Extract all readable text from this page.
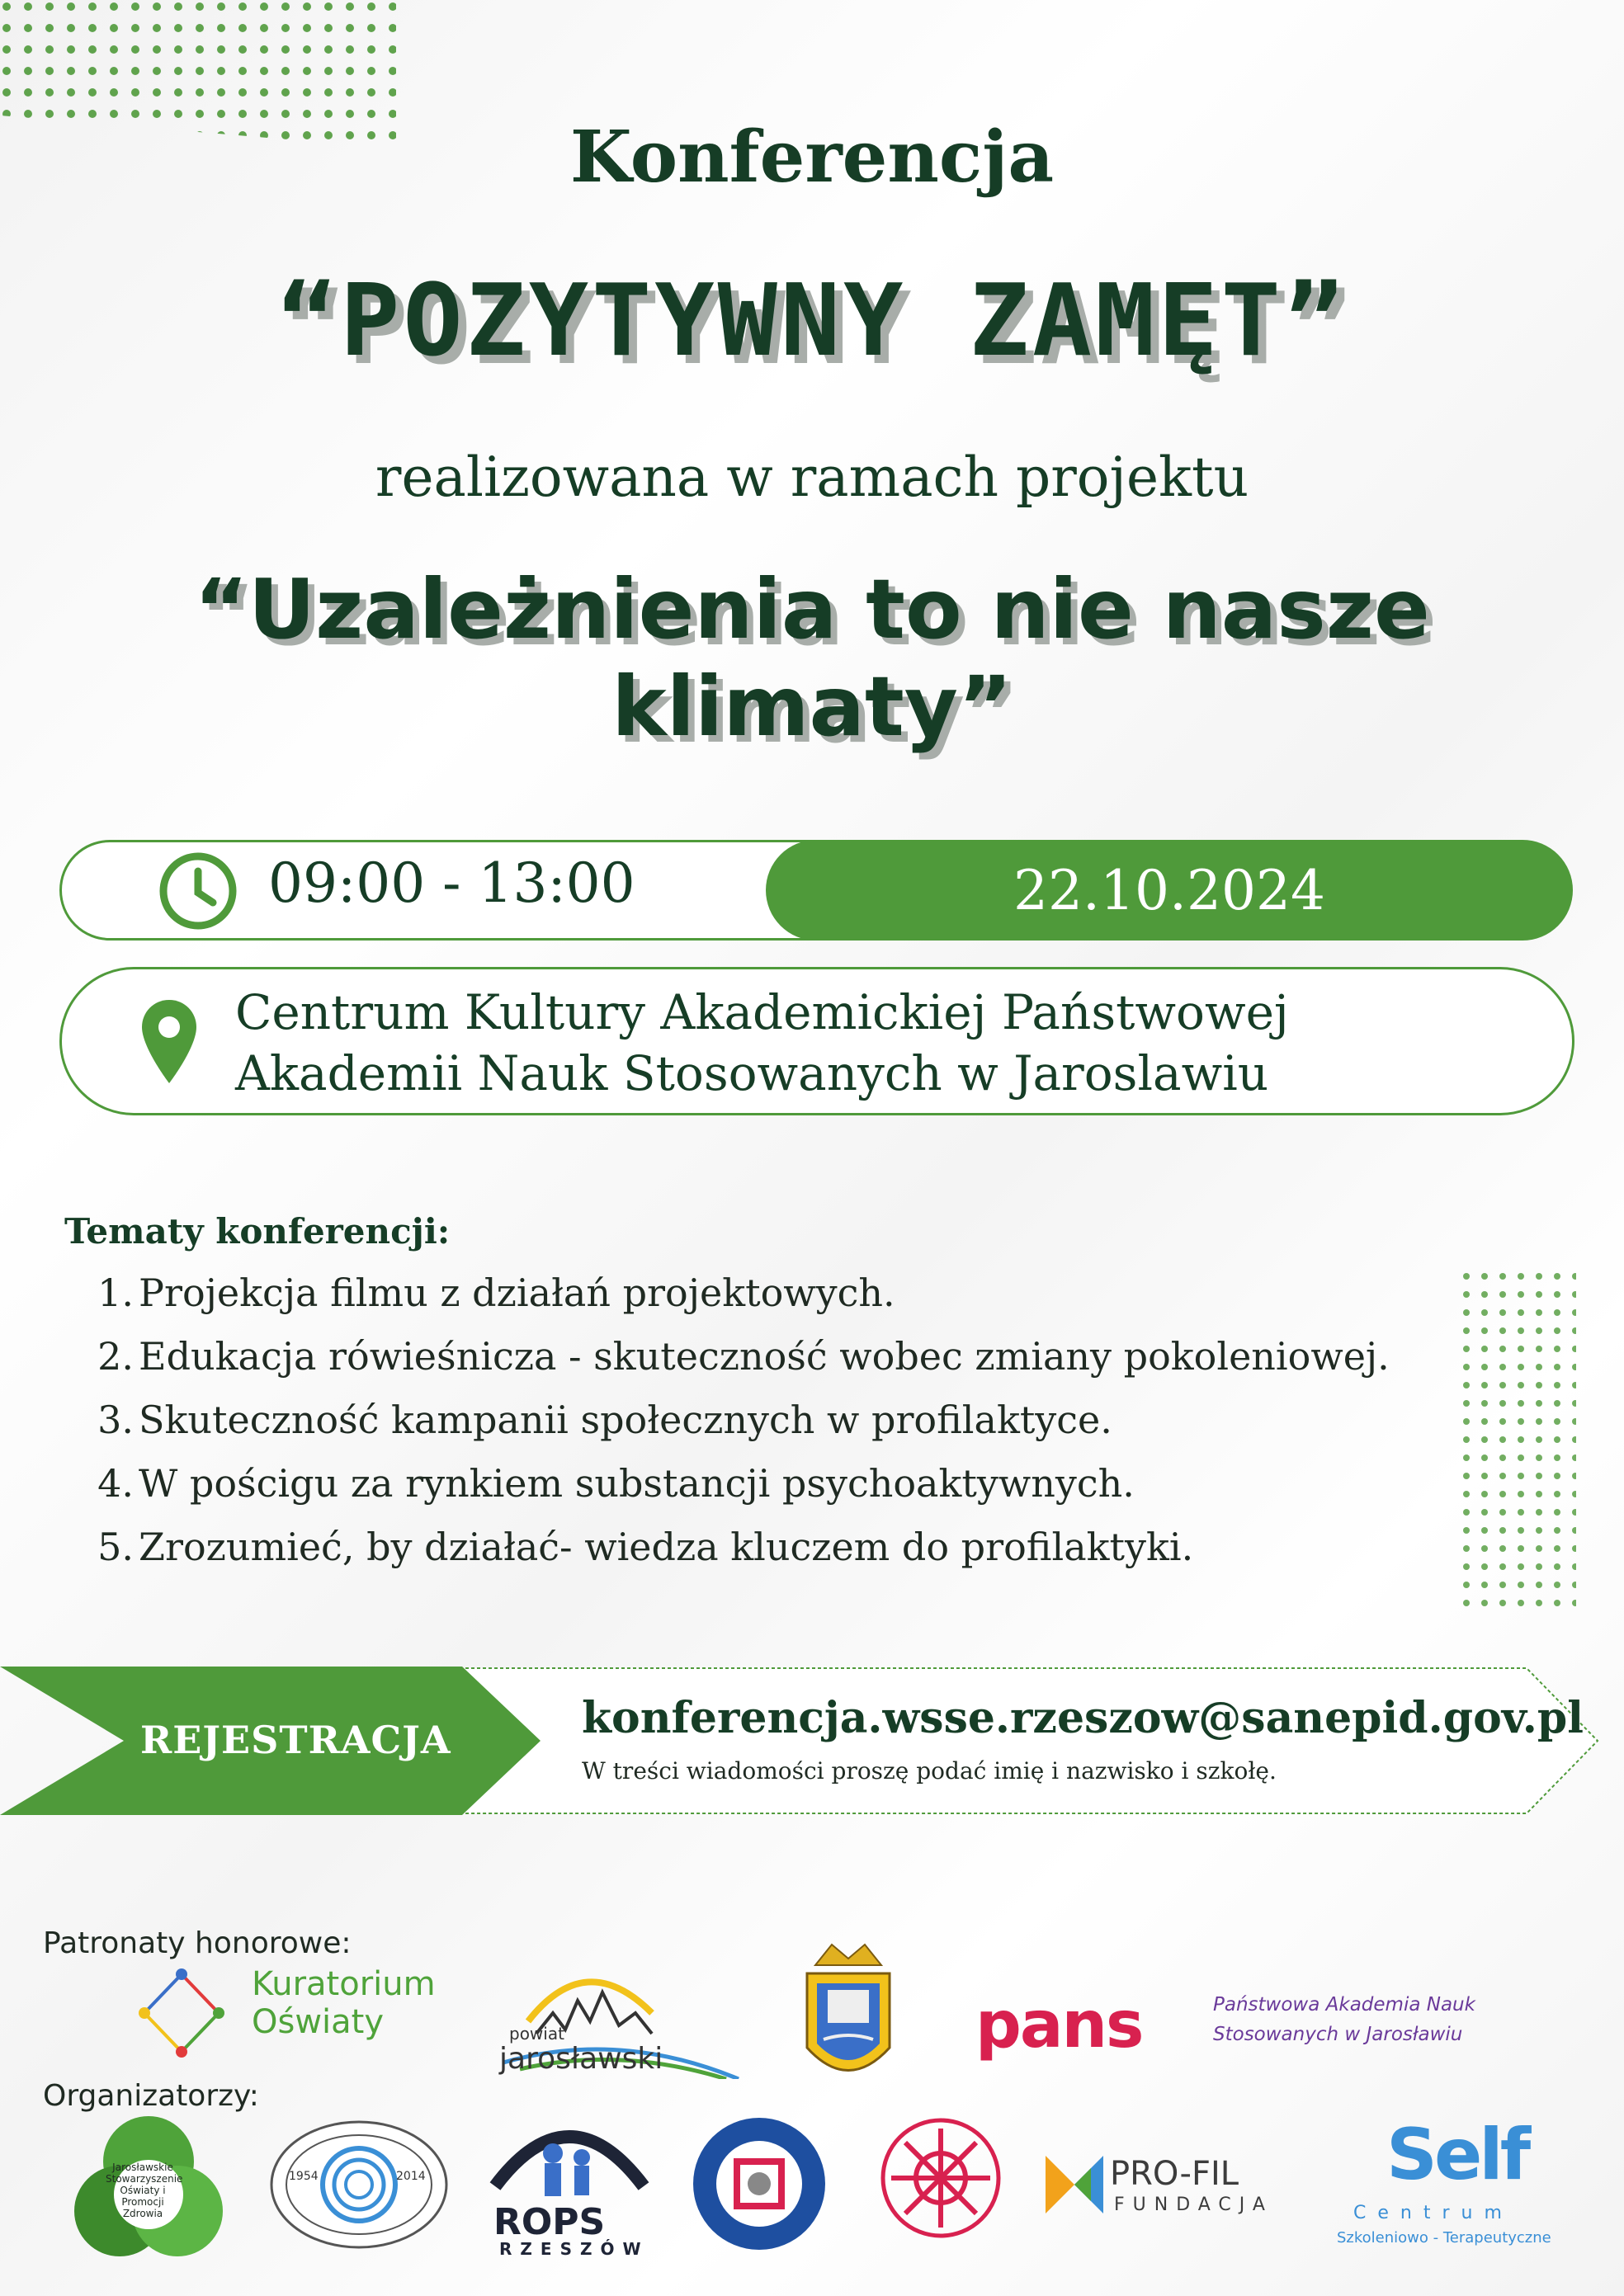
Konferencja
“POZYTYWNY ZAMĘT”
realizowana w ramach projektu
“Uzależnienia to nie nasze
klimaty”
22.10.2024
09:00 - 13:00
Centrum Kultury Akademickiej Państwowej
Akademii Nauk Stosowanych w Jaroslawiu
Tematy konferencji:
1. Projekcja filmu z działań projektowych.
2. Edukacja rówieśnicza - skuteczność wobec zmiany pokoleniowej.
3. Skuteczność kampanii społecznych w profilaktyce.
4. W pościgu za rynkiem substancji psychoaktywnych.
5. Zrozumieć, by działać- wiedza kluczem do profilaktyki.
REJESTRACJA	konferencja.wsse.rzeszow@sanepid.gov.pl
W treści wiadomości proszę podać imię i nazwisko i szkołę.
Patronaty honorowe:
Kuratorium
Oświaty	powiat
jarosławski	pans	Państwowa Akademia Nauk
Stosowanych w Jarosławiu
Organizatorzy:
Jarosławskie Stowarzyszenie Oświaty i Promocji Zdrowia
1954	2014
ROPS
RZESZÓW
PRO-FIL
FUNDACJA
Self
Centrum
Szkoleniowo - Terapeutyczne
